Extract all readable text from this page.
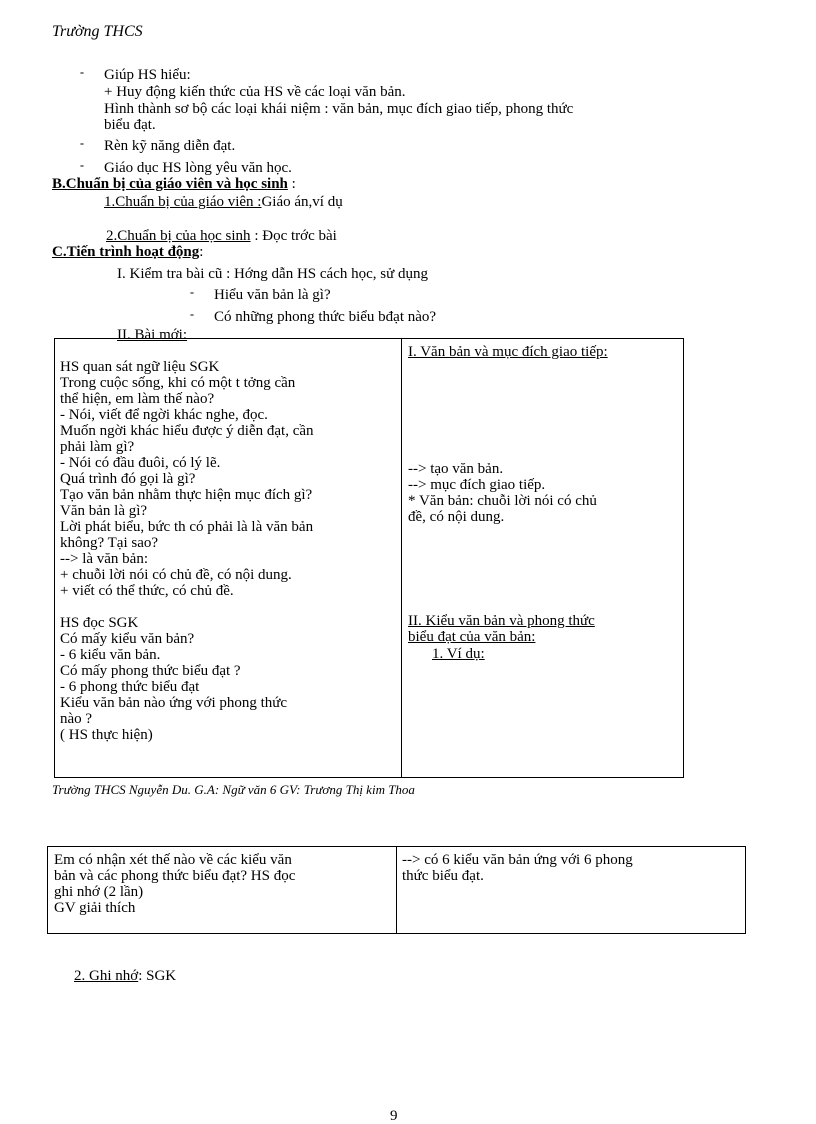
Trường THCS
- Giúp HS hiểu:
+ Huy động kiến thức của HS về các loại văn bản.
Hình thành sơ bộ các loại khái niệm : văn bản, mục đích giao tiếp, phong thức
biểu đạt.
- Rèn kỹ năng diễn đạt.
- Giáo dục HS lòng yêu văn học.
B.Chuẩn bị của giáo viên và học sinh :
1.Chuẩn bị của giáo viên :Giáo án,ví dụ
2.Chuẩn bị của học sinh : Đọc trớc bài
C.Tiến trình hoạt động:
I. Kiểm tra bài cũ : Hớng dẫn HS cách học, sử dụng
- Hiểu văn bản là gì?
- Có những phong thức biểu bđạt nào?
II. Bài mới:
HS quan sát ngữ liệu SGK
Trong cuộc sống, khi có một t tởng cần
thể hiện, em làm thế nào?
- Nói, viết để ngời khác nghe, đọc.
Muốn ngời khác hiểu được ý diễn đạt, cần
phải làm gì?
- Nói có đầu đuôi, có lý lẽ.
Quá trình đó gọi là gì?
Tạo văn bản nhằm thực hiện mục đích gì?
Văn bản là gì?
Lời phát biểu, bức th có phải là là văn bản
không? Tại sao?
--> là văn bản:
+ chuỗi lời nói có chủ đề, có nội dung.
+ viết có thể thức, có chủ đề.
HS đọc SGK
Có mấy kiểu văn bản?
- 6 kiểu văn bản.
Có mấy phong thức biểu đạt ?
- 6 phong thức biểu đạt
Kiểu văn bản nào ứng với phong thức
nào ?
( HS thực hiện)
I. Văn bản và mục đích giao tiếp:
--> tạo văn bản.
--> mục đích giao tiếp.
* Văn bản: chuỗi lời nói có chủ
đề, có nội dung.
II. Kiểu văn bản và phong thức
biểu đạt của văn bản:
1. Ví dụ:
Trường THCS Nguyễn Du. G.A: Ngữ văn 6 GV: Trương Thị kim Thoa
Em có nhận xét thế nào về các kiểu văn
bản và các phong thức biểu đạt? HS đọc
ghi nhớ (2 lần)
GV giải thích
--> có 6 kiểu văn bản ứng với 6 phong
thức biểu đạt.
2. Ghi nhớ: SGK
9
